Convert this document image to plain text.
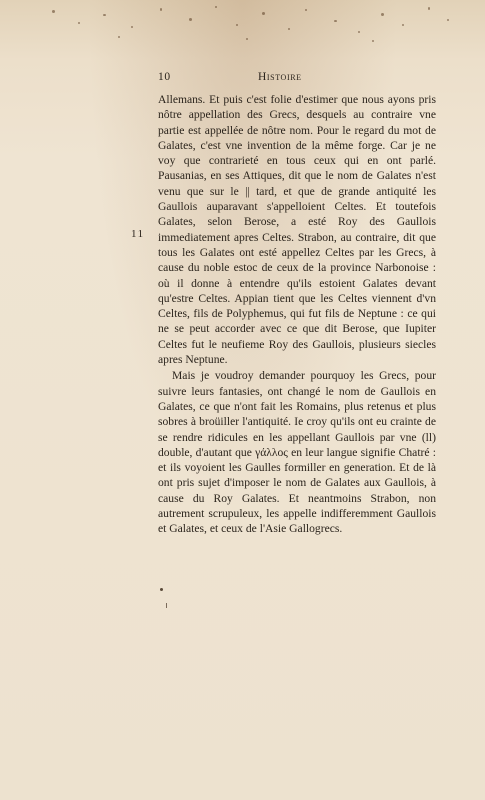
10	Histoire
11

Allemans. Et puis c'est folie d'estimer que nous ayons pris nôtre appellation des Grecs, desquels au contraire vne partie est appellée de nôtre nom. Pour le regard du mot de Galates, c'est vne invention de la même forge. Car je ne voy que contrarieté en tous ceux qui en ont parlé. Pausanias, en ses Attiques, dit que le nom de Galates n'est venu que sur le || tard, et que de grande antiquité les Gaullois auparavant s'appelloient Celtes. Et toutefois Galates, selon Berose, a esté Roy des Gaullois immediatement apres Celtes. Strabon, au contraire, dit que tous les Galates ont esté appellez Celtes par les Grecs, à cause du noble estoc de ceux de la province Narbonoise : où il donne à entendre qu'ils estoient Galates devant qu'estre Celtes. Appian tient que les Celtes viennent d'vn Celtes, fils de Polyphemus, qui fut fils de Neptune : ce qui ne se peut accorder avec ce que dit Berose, que Iupiter Celtes fut le neufieme Roy des Gaullois, plusieurs siecles apres Neptune.

Mais je voudroy demander pourquoy les Grecs, pour suivre leurs fantasies, ont changé le nom de Gaullois en Galates, ce que n'ont fait les Romains, plus retenus et plus sobres à broüiller l'antiquité. Ie croy qu'ils ont eu crainte de se rendre ridicules en les appellant Gaullois par vne (ll) double, d'autant que γάλλος en leur langue signifie Chatré : et ils voyoient les Gaulles formiller en generation. Et de là ont pris sujet d'imposer le nom de Galates aux Gaullois, à cause du Roy Galates. Et neantmoins Strabon, non autrement scrupuleux, les appelle indifferemment Gaullois et Galates, et ceux de l'Asie Gallogrecs.
